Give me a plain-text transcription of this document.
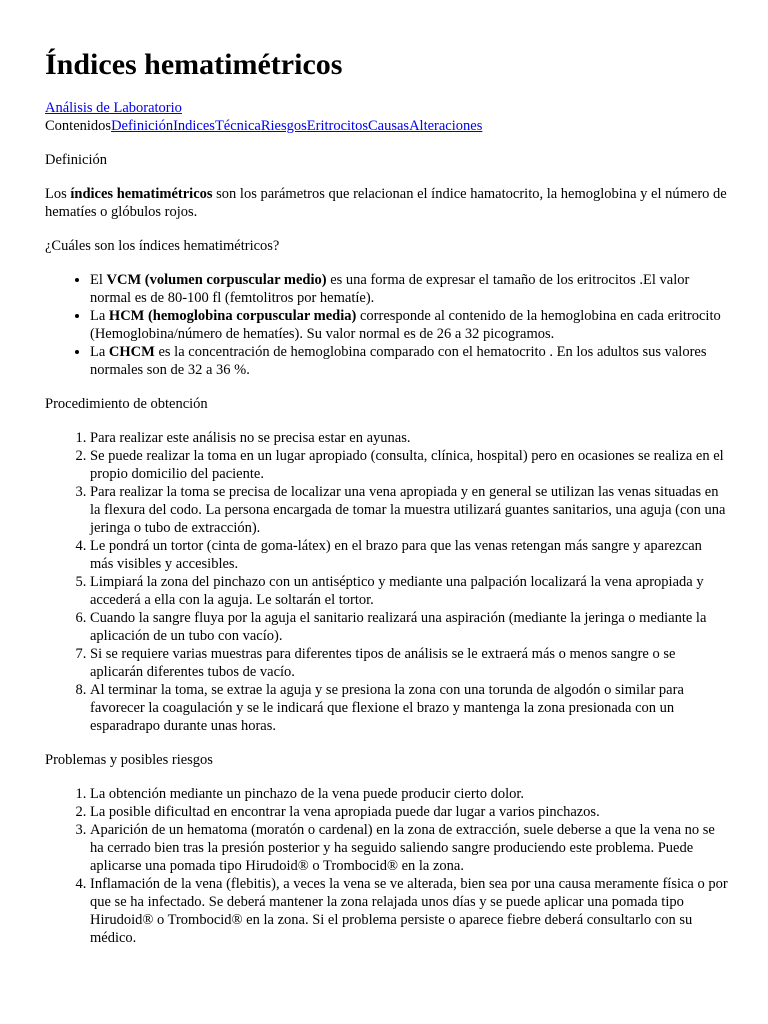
Índices hematimétricos
Análisis de Laboratorio
ContenidosDefiniciónIndicesTécnicaRiesgosEritrocitosCausasAlteraciones
Definición

Los índices hematimétricos son los parámetros que relacionan el índice hamatocrito, la hemoglobina y el número de hematíes o glóbulos rojos.

¿Cuáles son los índices hematimétricos?

• El VCM (volumen corpuscular medio) es una forma de expresar el tamaño de los eritrocitos .El valor normal es de 80-100 fl (femtolitros por hematíe).
• La HCM (hemoglobina corpuscular media) corresponde al contenido de la hemoglobina en cada eritrocito (Hemoglobina/número de hematíes). Su valor normal es de 26 a 32 picogramos.
• La CHCM es la concentración de hemoglobina comparado con el hematocrito . En los adultos sus valores normales son de 32 a 36 %.
Procedimiento de obtención
1. Para realizar este análisis no se precisa estar en ayunas.
2. Se puede realizar la toma en un lugar apropiado (consulta, clínica, hospital) pero en ocasiones se realiza en el propio domicilio del paciente.
3. Para realizar la toma se precisa de localizar una vena apropiada y en general se utilizan las venas situadas en la flexura del codo. La persona encargada de tomar la muestra utilizará guantes sanitarios, una aguja (con una jeringa o tubo de extracción).
4. Le pondrá un tortor (cinta de goma-látex) en el brazo para que las venas retengan más sangre y aparezcan más visibles y accesibles.
5. Limpiará la zona del pinchazo con un antiséptico y mediante una palpación localizará la vena apropiada y accederá a ella con la aguja. Le soltarán el tortor.
6. Cuando la sangre fluya por la aguja el sanitario realizará una aspiración (mediante la jeringa o mediante la aplicación de un tubo con vacío).
7. Si se requiere varias muestras para diferentes tipos de análisis se le extraerá más o menos sangre o se aplicarán diferentes tubos de vacío.
8. Al terminar la toma, se extrae la aguja y se presiona la zona con una torunda de algodón o similar para favorecer la coagulación y se le indicará que flexione el brazo y mantenga la zona presionada con un esparadrapo durante unas horas.
Problemas y posibles riesgos
1. La obtención mediante un pinchazo de la vena puede producir cierto dolor.
2. La posible dificultad en encontrar la vena apropiada puede dar lugar a varios pinchazos.
3. Aparición de un hematoma (moratón o cardenal) en la zona de extracción, suele deberse a que la vena no se ha cerrado bien tras la presión posterior y ha seguido saliendo sangre produciendo este problema. Puede aplicarse una pomada tipo Hirudoid® o Trombocid® en la zona.
4. Inflamación de la vena (flebitis), a veces la vena se ve alterada, bien sea por una causa meramente física o por que se ha infectado. Se deberá mantener la zona relajada unos días y se puede aplicar una pomada tipo Hirudoid® o Trombocid® en la zona. Si el problema persiste o aparece fiebre deberá consultarlo con su médico.
